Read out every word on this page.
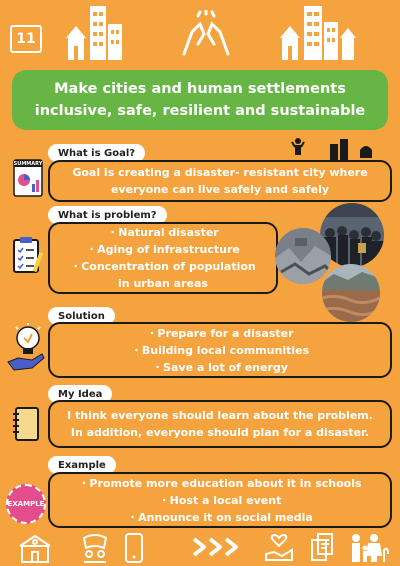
11
Make cities and human settlements
inclusive, safe, resilient and sustainable
What is Goal?
SUMMARY
Goal is creating a disaster- resistant city where
everyone can live safely and safely
What is problem?
・Natural disaster
・Aging of infrastructure
・Concentration of population
in urban areas
Solution
・Prepare for a disaster
・Building local communities
・Save a lot of energy
My Idea
I think everyone should learn about the problem.
In addition, everyone should plan for a disaster.
Example
EXAMPLE
・Promote more education about it in schools
・Host a local event
・Announce it on social media
